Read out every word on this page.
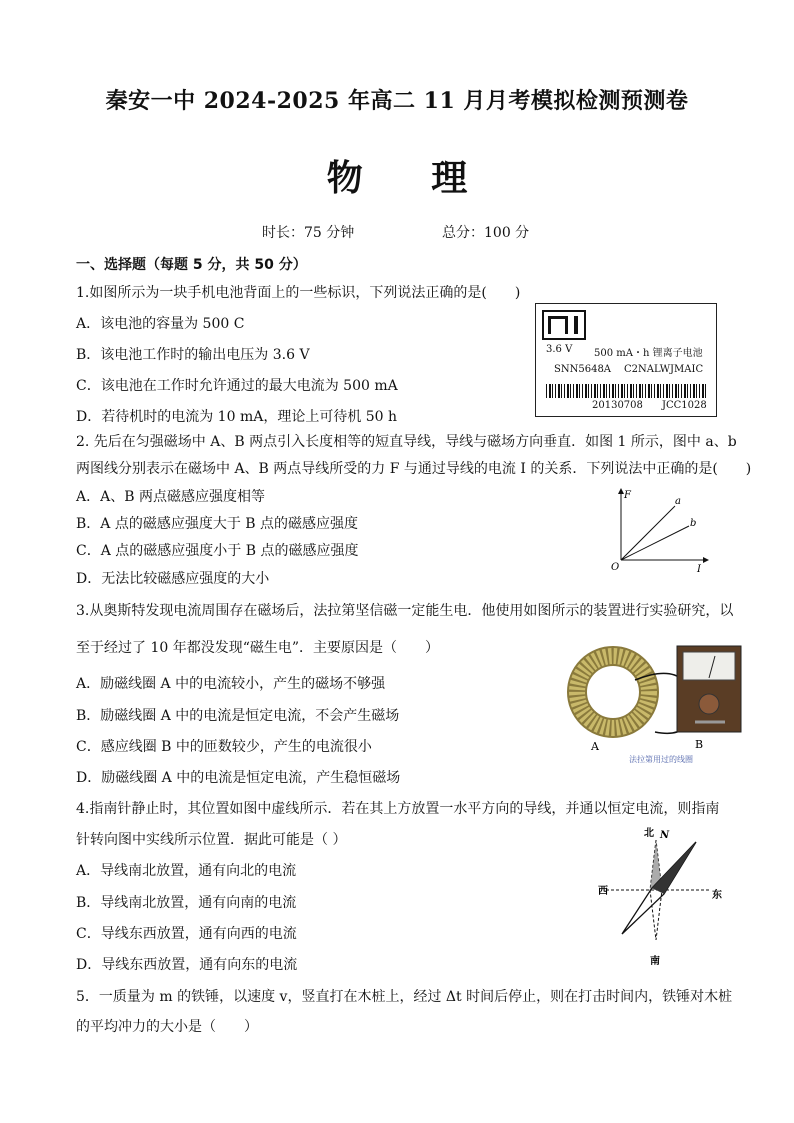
秦安一中 2024-2025 年高二 11 月月考模拟检测预测卷
物 理
时长：75 分钟	总分：100 分
一、选择题（每题 5 分，共 50 分）
1.如图所示为一块手机电池背面上的一些标识，下列说法正确的是(　　)
A．该电池的容量为 500 C
B．该电池工作时的输出电压为 3.6 V
C．该电池在工作时允许通过的最大电流为 500 mA
D．若待机时的电流为 10 mA，理论上可待机 50 h
3.6 V 500 mA・h 锂离子电池
SNN5648A C2NALWJMAIC
20130708 JCC1028
2. 先后在匀强磁场中 A、B 两点引入长度相等的短直导线，导线与磁场方向垂直．如图 1 所示，图中 a、b
两图线分别表示在磁场中 A、B 两点导线所受的力 F 与通过导线的电流 I 的关系．下列说法中正确的是(　　)
A．A、B 两点磁感应强度相等
B．A 点的磁感应强度大于 B 点的磁感应强度
C．A 点的磁感应强度小于 B 点的磁感应强度
D．无法比较磁感应强度的大小
F
I
O
a
b
3.从奥斯特发现电流周围存在磁场后，法拉第坚信磁一定能生电．他使用如图所示的装置进行实验研究，以
至于经过了 10 年都没发现“磁生电”．主要原因是（　　）
A．励磁线圈 A 中的电流较小，产生的磁场不够强
B．励磁线圈 A 中的电流是恒定电流，不会产生磁场
C．感应线圈 B 中的匝数较少，产生的电流很小
D．励磁线圈 A 中的电流是恒定电流，产生稳恒磁场
A	B
法拉第用过的线圈
4.指南针静止时，其位置如图中虚线所示．若在其上方放置一水平方向的导线，并通以恒定电流，则指南
针转向图中实线所示位置．据此可能是（ ）
A．导线南北放置，通有向北的电流
B．导线南北放置，通有向南的电流
C．导线东西放置，通有向西的电流
D．导线东西放置，通有向东的电流
北 N
西	东
南
5．一质量为 m 的铁锤，以速度 v，竖直打在木桩上，经过 Δt 时间后停止，则在打击时间内，铁锤对木桩
的平均冲力的大小是（　　）
